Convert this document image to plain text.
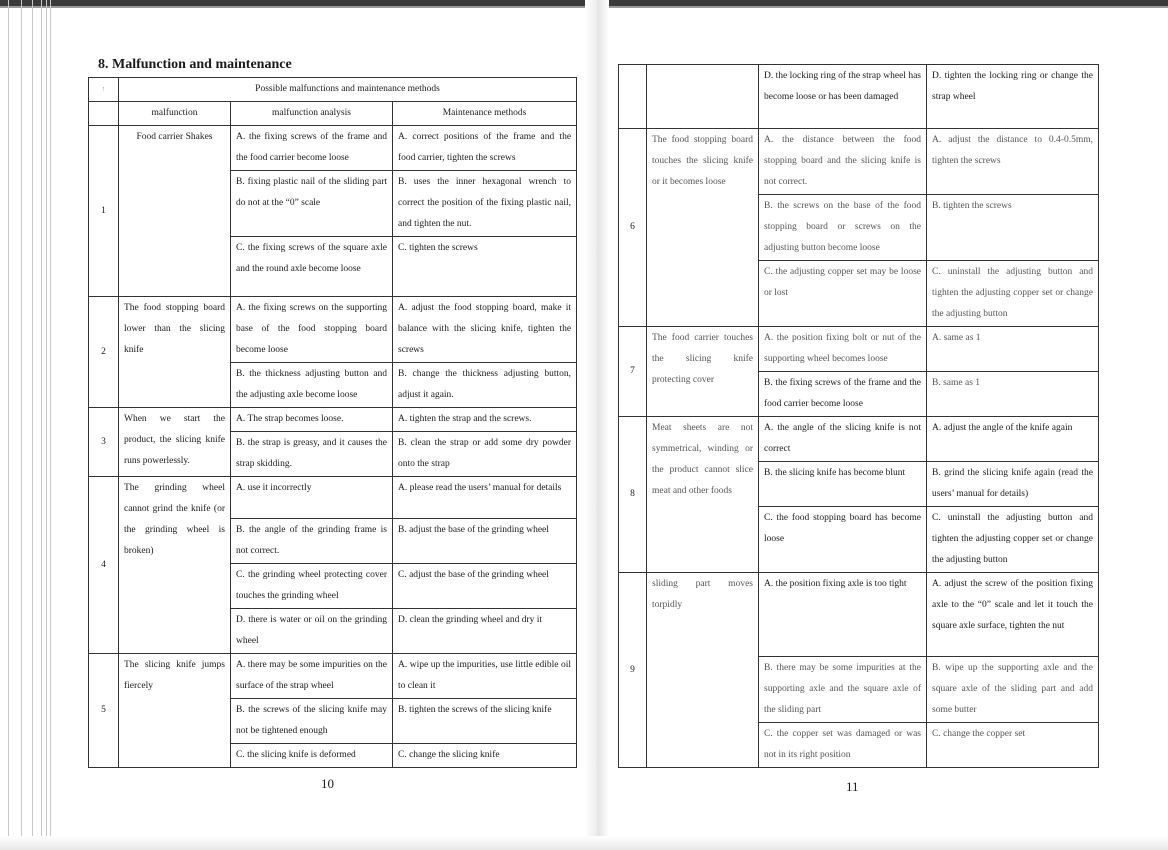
8. Malfunction and maintenance
↑	Possible malfunctions and maintenance methods		
	malfunction	malfunction analysis	Maintenance methods
1	Food carrier Shakes	A. the fixing screws of the frame and the food carrier become loose	A. correct positions of the frame and the food carrier, tighten the screws
		B. fixing plastic nail of the sliding part do not at the “0” scale	B. uses the inner hexagonal wrench to correct the position of the fixing plastic nail, and tighten the nut.
		C. the fixing screws of the square axle and the round axle become loose	C. tighten the screws
2	The food stopping board lower than the slicing knife	A. the fixing screws on the supporting base of the food stopping board become loose	A. adjust the food stopping board, make it balance with the slicing knife, tighten the screws
		B. the thickness adjusting button and the adjusting axle become loose	B. change the thickness adjusting button, adjust it again.
3	When we start the product, the slicing knife runs powerlessly.	A. The strap becomes loose.	A. tighten the strap and the screws.
		B. the strap is greasy, and it causes the strap skidding.	B. clean the strap or add some dry powder onto the strap
4	The grinding wheel cannot grind the knife (or the grinding wheel is broken)	A. use it incorrectly	A. please read the users’ manual for details
		B. the angle of the grinding frame is not correct.	B. adjust the base of the grinding wheel
		C. the grinding wheel protecting cover touches the grinding wheel	C. adjust the base of the grinding wheel
		D. there is water or oil on the grinding wheel	D. clean the grinding wheel and dry it
5	The slicing knife jumps fiercely	A. there may be some impurities on the surface of the strap wheel	A. wipe up the impurities, use little edible oil to clean it
		B. the screws of the slicing knife may not be tightened enough	B. tighten the screws of the slicing knife
		C. the slicing knife is deformed	C. change the slicing knife
		D. the locking ring of the strap wheel has become loose or has been damaged	D. tighten the locking ring or change the strap wheel
6	The food stopping board touches the slicing knife or it becomes loose	A. the distance between the food stopping board and the slicing knife is not correct.	A. adjust the distance to 0.4-0.5mm, tighten the screws
		B. the screws on the base of the food stopping board or screws on the adjusting button become loose	B. tighten the screws
		C. the adjusting copper set may be loose or lost	C. uninstall the adjusting button and tighten the adjusting copper set or change the adjusting button
7	The food carrier touches the slicing knife protecting cover	A. the position fixing bolt or nut of the supporting wheel becomes loose	A. same as 1
		B. the fixing screws of the frame and the food carrier become loose	B. same as 1
8	Meat sheets are not symmetrical, winding or the product cannot slice meat and other foods	A. the angle of the slicing knife is not correct	A. adjust the angle of the knife again
		B. the slicing knife has become blunt	B. grind the slicing knife again (read the users’ manual for details)
		C. the food stopping board has become loose	C. uninstall the adjusting button and tighten the adjusting copper set or change the adjusting button
9	sliding part moves torpidly	A. the position fixing axle is too tight	A. adjust the screw of the position fixing axle to the “0” scale and let it touch the square axle surface, tighten the nut
		B. there may be some impurities at the supporting axle and the square axle of the sliding part	B. wipe up the supporting axle and the square axle of the sliding part and add some butter
		C. the copper set was damaged or was not in its right position	C. change the copper set
10	11
